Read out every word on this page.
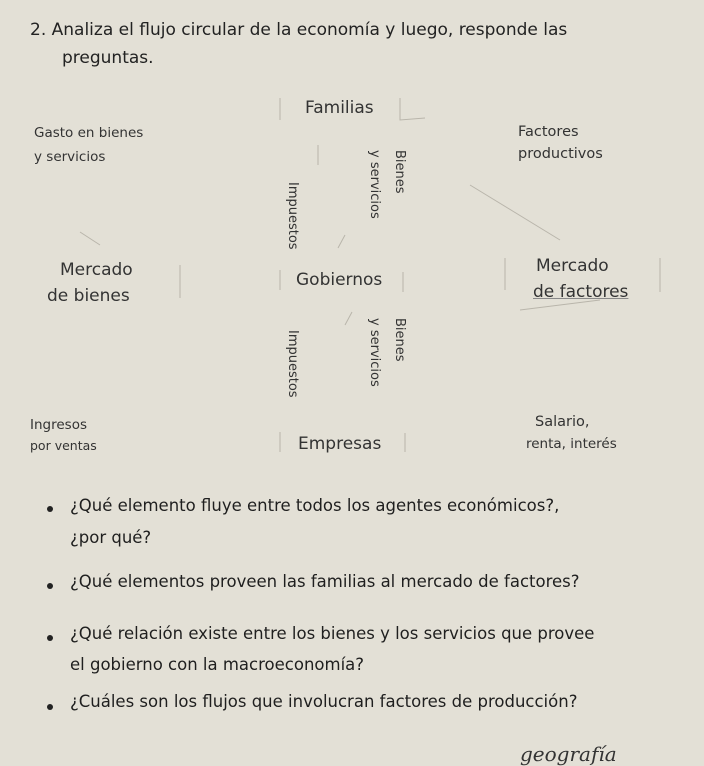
2. Analiza el flujo circular de la economía y luego, responde las
preguntas.
Familias
Gobiernos
Empresas
Mercado
de bienes
Mercado
de factores
Gasto en bienes
y servicios
Factores
productivos
Ingresos
por ventas
Salario,
renta, interés
Impuestos	y servicios Bienes
Impuestos	y servicios Bienes
¿Qué elemento fluye entre todos los agentes económicos?,
¿por qué?
¿Qué elementos proveen las familias al mercado de factores?
¿Qué relación existe entre los bienes y los servicios que provee
el gobierno con la macroeconomía?
¿Cuáles son los flujos que involucran factores de producción?
geografía
